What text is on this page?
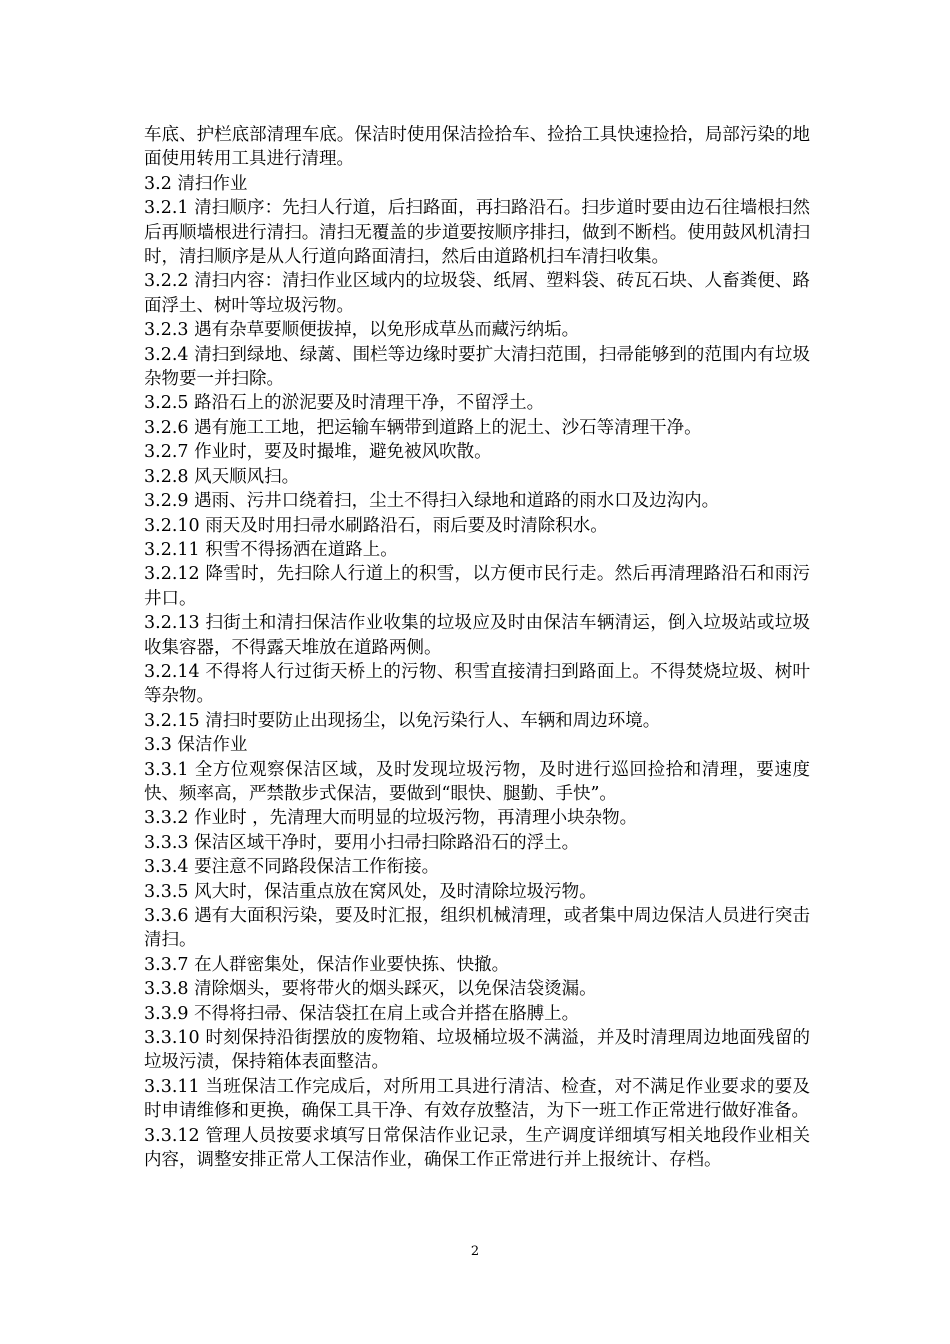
车底、护栏底部清理车底。保洁时使用保洁捡拾车、捡拾工具快速捡拾，局部污染的地面使用转用工具进行清理。

3.2 清扫作业

3.2.1 清扫顺序：先扫人行道，后扫路面，再扫路沿石。扫步道时要由边石往墙根扫然后再顺墙根进行清扫。清扫无覆盖的步道要按顺序排扫，做到不断档。使用鼓风机清扫时，清扫顺序是从人行道向路面清扫，然后由道路机扫车清扫收集。

3.2.2 清扫内容：清扫作业区域内的垃圾袋、纸屑、塑料袋、砖瓦石块、人畜粪便、路面浮土、树叶等垃圾污物。

3.2.3 遇有杂草要顺便拔掉，以免形成草丛而藏污纳垢。

3.2.4 清扫到绿地、绿蓠、围栏等边缘时要扩大清扫范围，扫帚能够到的范围内有垃圾杂物要一并扫除。

3.2.5 路沿石上的淤泥要及时清理干净，不留浮土。

3.2.6 遇有施工工地，把运输车辆带到道路上的泥土、沙石等清理干净。

3.2.7 作业时，要及时撮堆，避免被风吹散。

3.2.8 风天顺风扫。

3.2.9 遇雨、污井口绕着扫，尘土不得扫入绿地和道路的雨水口及边沟内。

3.2.10 雨天及时用扫帚水刷路沿石，雨后要及时清除积水。

3.2.11 积雪不得扬洒在道路上。

3.2.12 降雪时，先扫除人行道上的积雪，以方便市民行走。然后再清理路沿石和雨污井口。

3.2.13 扫街土和清扫保洁作业收集的垃圾应及时由保洁车辆清运，倒入垃圾站或垃圾收集容器，不得露天堆放在道路两侧。

3.2.14 不得将人行过街天桥上的污物、积雪直接清扫到路面上。不得焚烧垃圾、树叶等杂物。

3.2.15 清扫时要防止出现扬尘，以免污染行人、车辆和周边环境。

3.3 保洁作业

3.3.1 全方位观察保洁区域，及时发现垃圾污物，及时进行巡回捡拾和清理，要速度快、频率高，严禁散步式保洁，要做到“眼快、腿勤、手快”。

3.3.2 作业时 ，先清理大而明显的垃圾污物，再清理小块杂物。

3.3.3 保洁区域干净时，要用小扫帚扫除路沿石的浮土。

3.3.4 要注意不同路段保洁工作衔接。

3.3.5 风大时，保洁重点放在窝风处，及时清除垃圾污物。

3.3.6 遇有大面积污染，要及时汇报，组织机械清理，或者集中周边保洁人员进行突击清扫。

3.3.7 在人群密集处，保洁作业要快拣、快撤。

3.3.8 清除烟头，要将带火的烟头踩灭，以免保洁袋烫漏。

3.3.9 不得将扫帚、保洁袋扛在肩上或合并搭在胳膊上。

3.3.10 时刻保持沿街摆放的废物箱、垃圾桶垃圾不满溢，并及时清理周边地面残留的垃圾污渍，保持箱体表面整洁。

3.3.11 当班保洁工作完成后，对所用工具进行清洁、检查，对不满足作业要求的要及时申请维修和更换，确保工具干净、有效存放整洁，为下一班工作正常进行做好准备。

3.3.12 管理人员按要求填写日常保洁作业记录，生产调度详细填写相关地段作业相关内容，调整安排正常人工保洁作业，确保工作正常进行并上报统计、存档。

2
